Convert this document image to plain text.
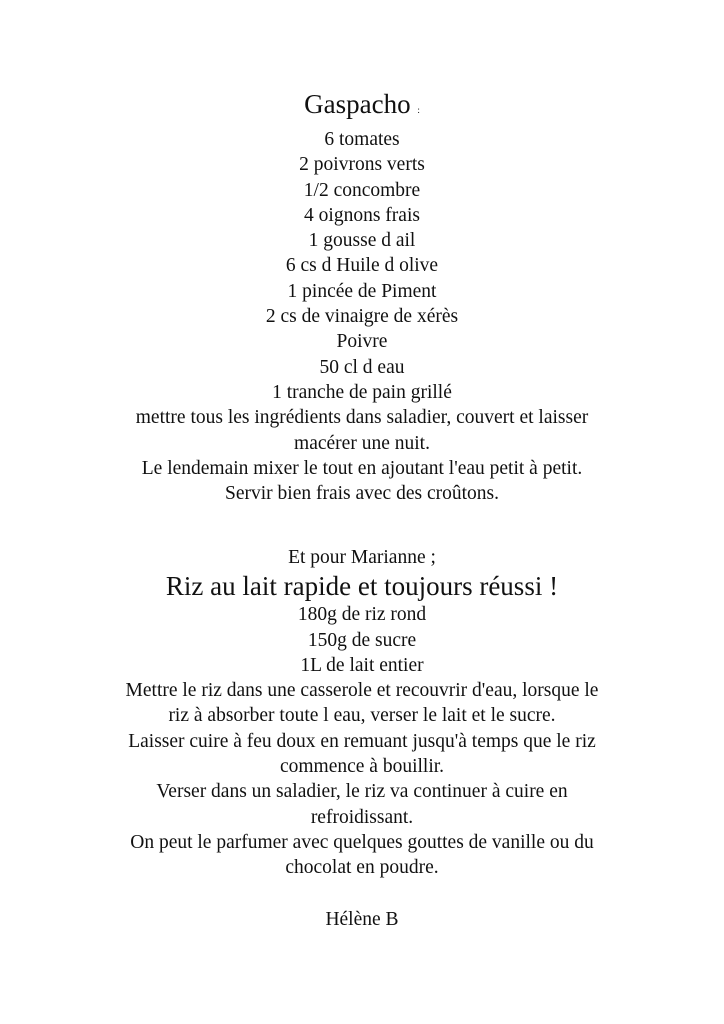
Gaspacho :
6 tomates
2 poivrons verts
1/2 concombre
4 oignons frais
1 gousse d ail
6 cs d Huile d olive
1 pincée de Piment
2 cs de vinaigre de xérès
Poivre
50 cl d eau
1 tranche de pain grillé
mettre tous les ingrédients dans saladier, couvert et laisser
macérer une nuit.
Le lendemain mixer le tout en ajoutant l'eau petit à petit.
Servir bien frais avec des croûtons.
Et pour Marianne ;
Riz au lait rapide et toujours réussi !
180g de riz rond
150g de sucre
1L de lait entier
Mettre le riz dans une casserole et recouvrir d'eau, lorsque le
riz à absorber toute l eau, verser le lait et le sucre.
Laisser cuire à feu doux en remuant jusqu'à temps que le riz
commence à bouillir.
Verser dans un saladier, le riz va continuer à cuire en
refroidissant.
On peut le parfumer avec quelques gouttes de vanille ou du
chocolat en poudre.
Hélène B
